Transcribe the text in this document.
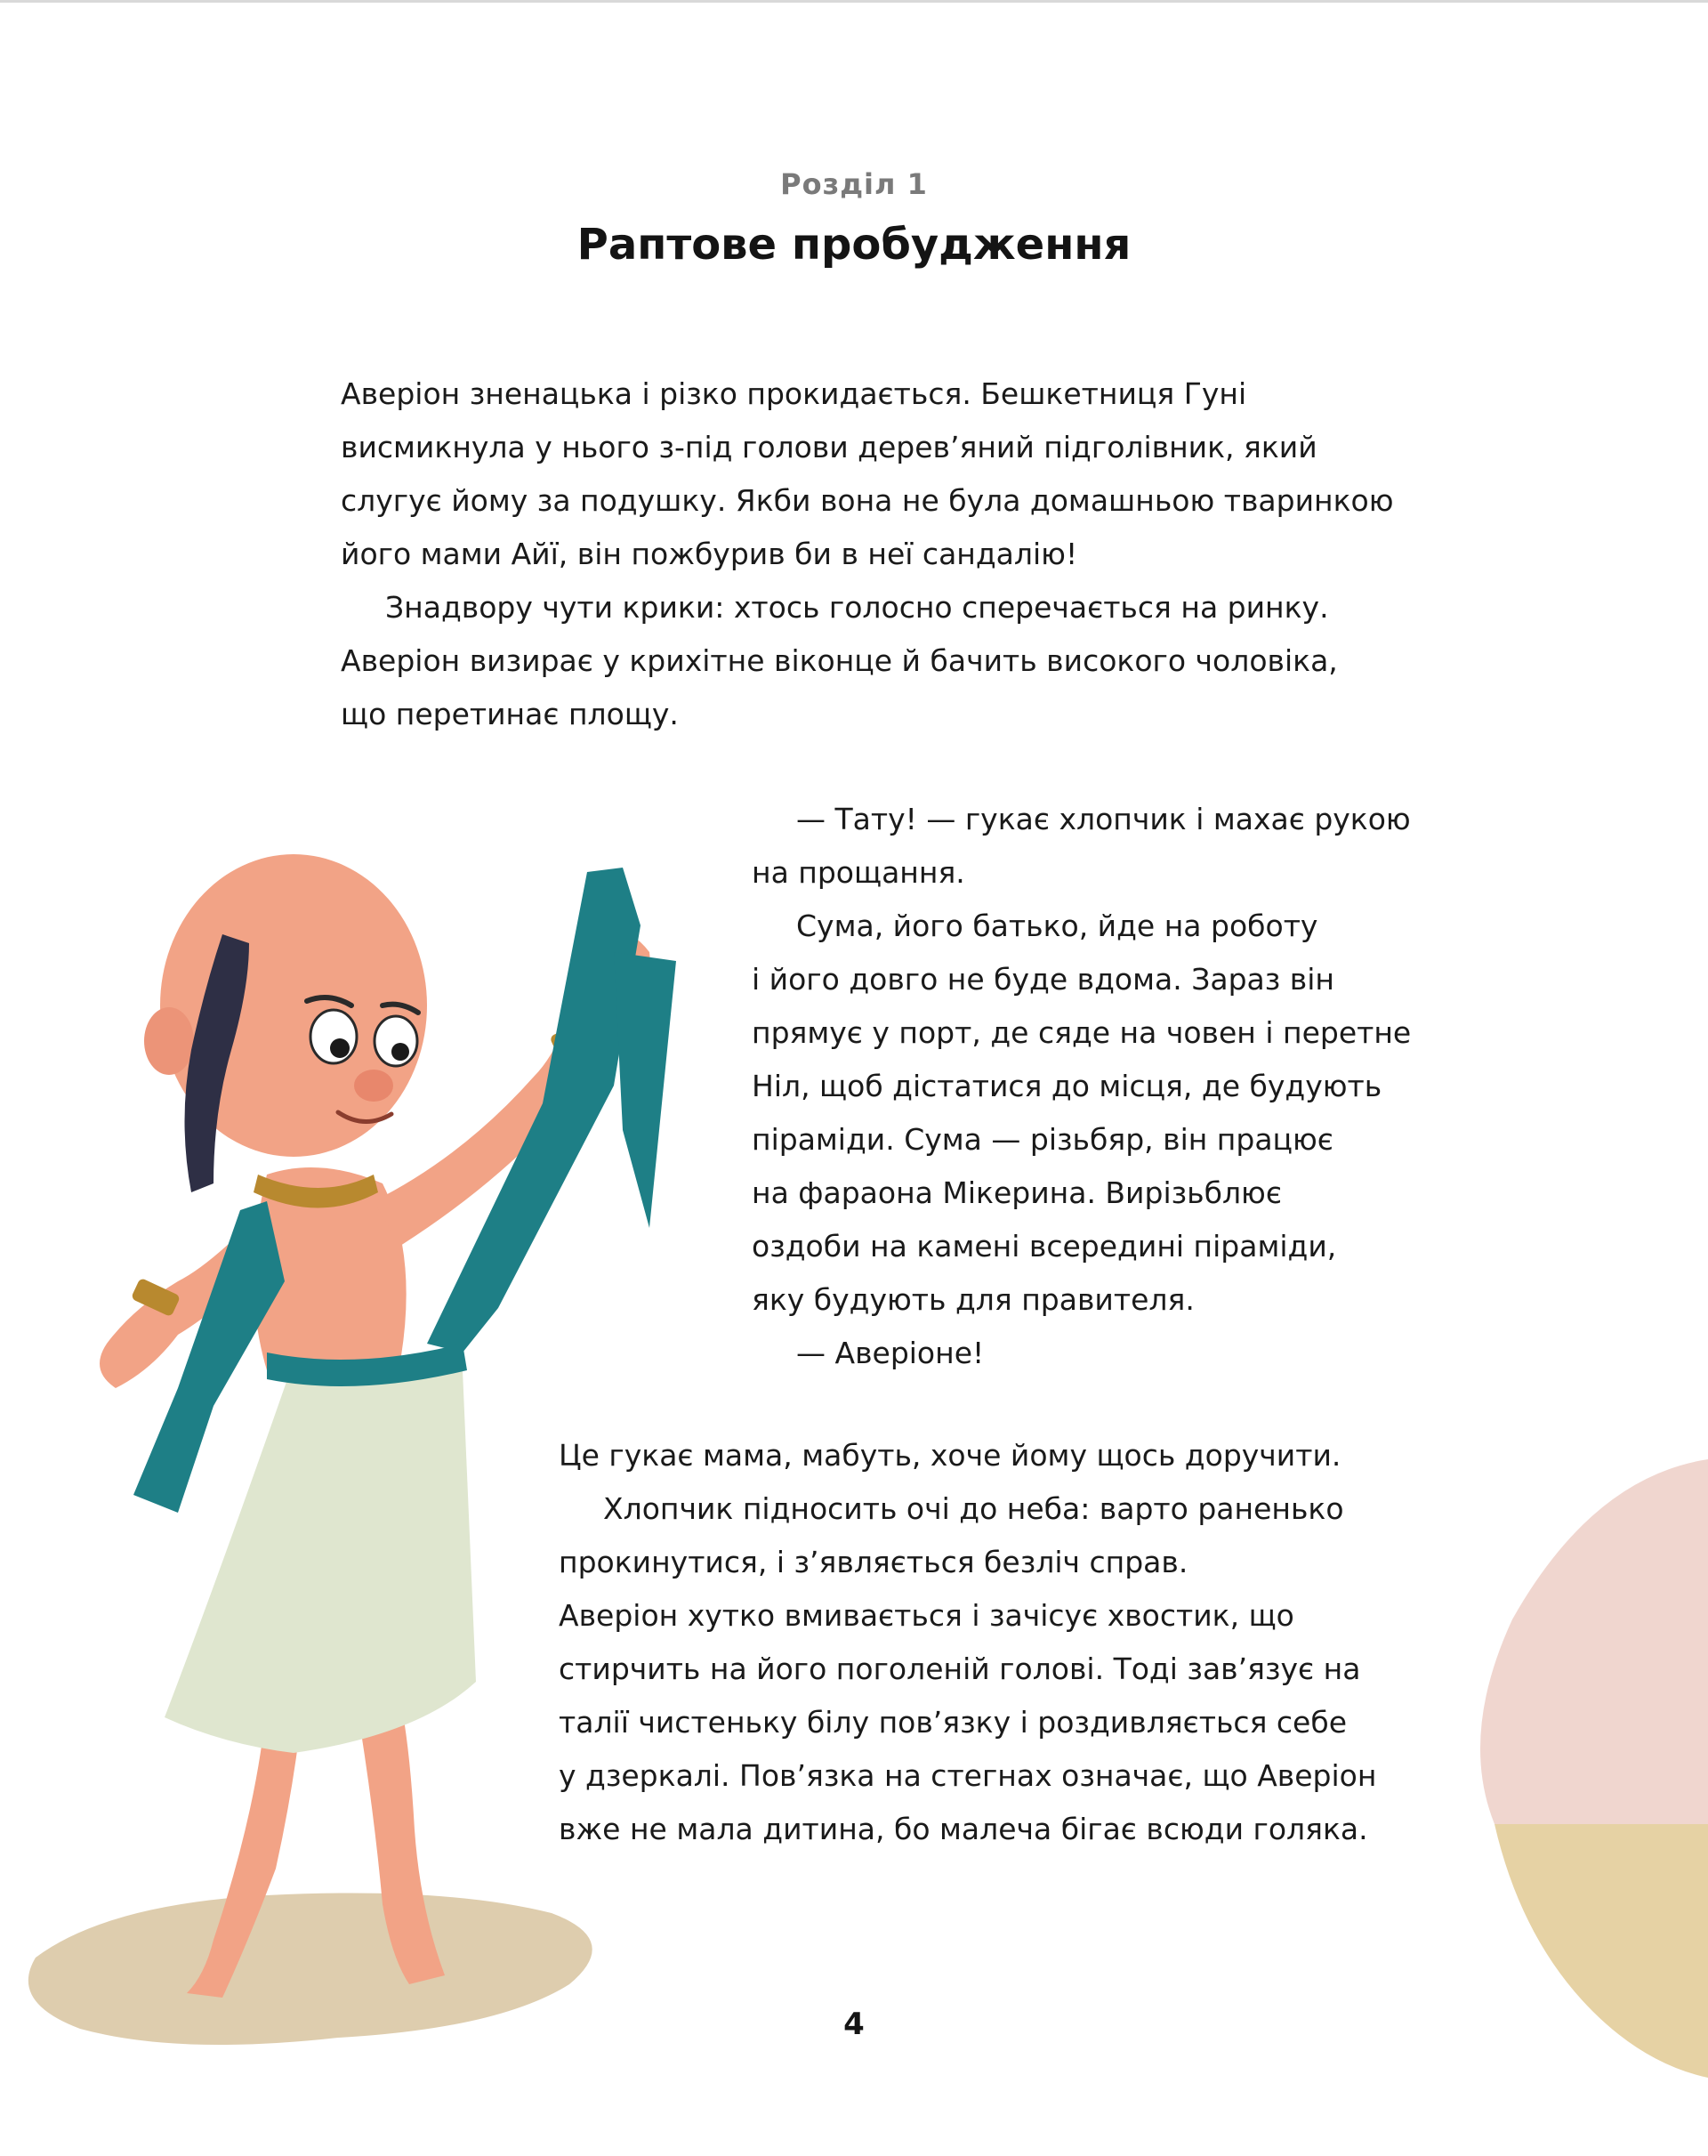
Розділ 1
Раптове пробудження
Аверіон зненацька і різко прокидається. Бешкетниця Гуні
висмикнула у нього з-під голови дерев’яний підголівник, який
слугує йому за подушку. Якби вона не була домашньою тваринкою
його мами Айї, він пожбурив би в неї сандалію!
Знадвору чути крики: хтось голосно сперечається на ринку.
Аверіон визирає у крихітне віконце й бачить високого чоловіка,
що перетинає площу.
— Тату! — гукає хлопчик і махає рукою
на прощання.
Сума, його батько, йде на роботу
і його довго не буде вдома. Зараз він
прямує у порт, де сяде на човен і перетне
Ніл, щоб дістатися до місця, де будують
піраміди. Сума — різьбяр, він працює
на фараона Мікерина. Вирізьблює
оздоби на камені всередині піраміди,
яку будують для правителя.
— Аверіоне!
Це гукає мама, мабуть, хоче йому щось доручити.
Хлопчик підносить очі до неба: варто раненько
прокинутися, і з’являється безліч справ.
Аверіон хутко вмивається і зачісує хвостик, що
стирчить на його поголеній голові. Тоді зав’язує на
талії чистеньку білу пов’язку і роздивляється себе
у дзеркалі. Пов’язка на стегнах означає, що Аверіон
вже не мала дитина, бо малеча бігає всюди голяка.
4
